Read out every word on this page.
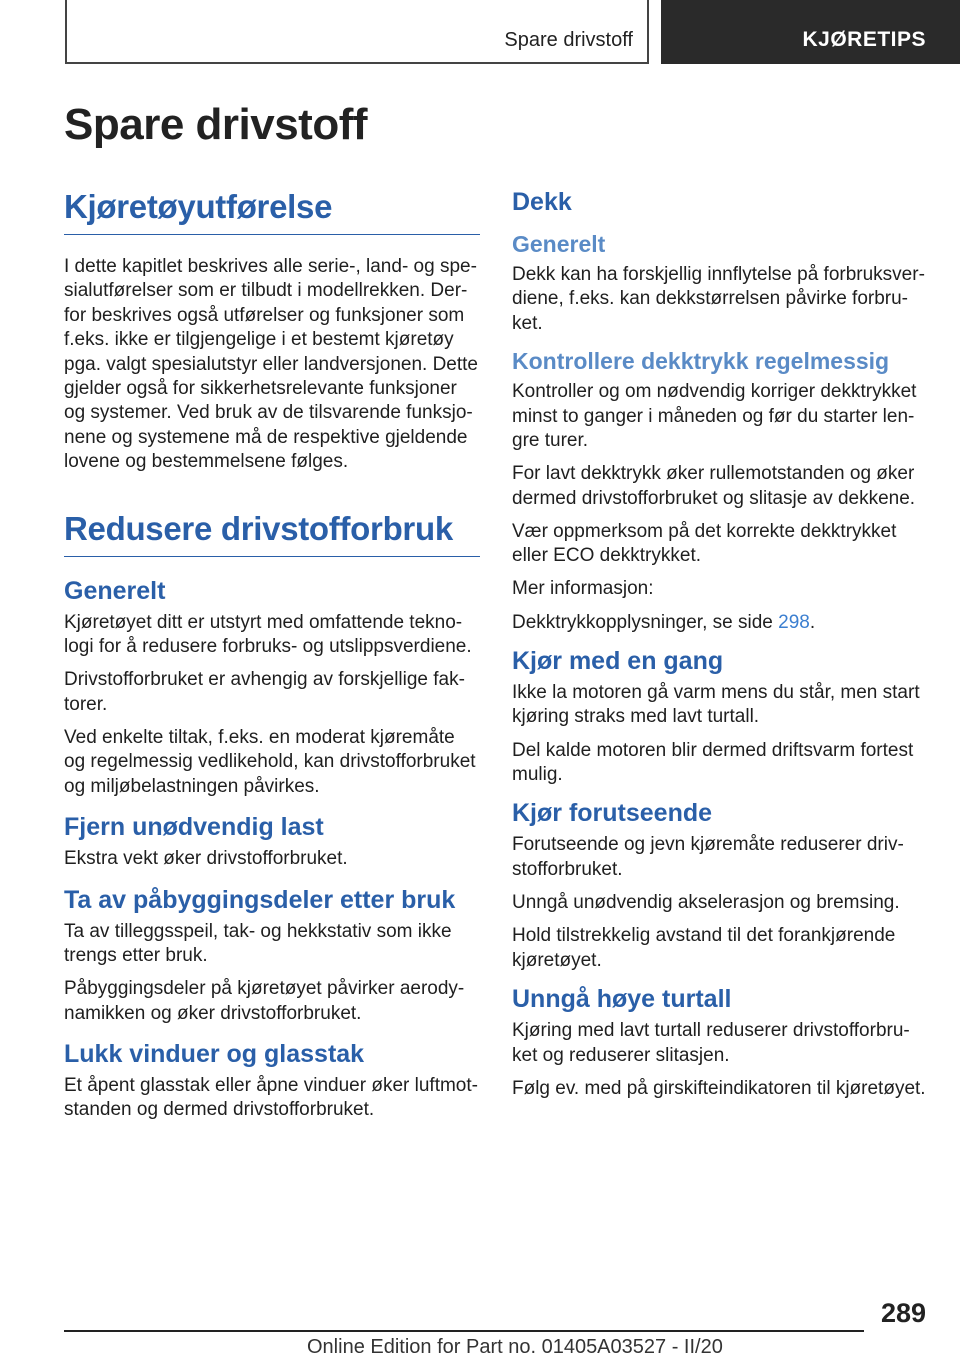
Spare drivstoff	KJØRETIPS
Spare drivstoff
Kjøretøyutførelse

I dette kapitlet beskrives alle serie-, land- og spe-sialutførelser som er tilbudt i modellrekken. Der-for beskrives også utførelser og funksjoner som f.eks. ikke er tilgjengelige i et bestemt kjøretøy pga. valgt spesialutstyr eller landversjonen. Dette gjelder også for sikkerhetsrelevante funksjoner og systemer. Ved bruk av de tilsvarende funksjo-nene og systemene må de respektive gjeldende lovene og bestemmelsene følges.

Redusere drivstofforbruk
Generelt

Kjøretøyet ditt er utstyrt med omfattende tekno-logi for å redusere forbruks- og utslippsverdiene.

Drivstofforbruket er avhengig av forskjellige fak-torer.

Ved enkelte tiltak, f.eks. en moderat kjøremåte og regelmessig vedlikehold, kan drivstofforbruket og miljøbelastningen påvirkes.

Fjern unødvendig last

Ekstra vekt øker drivstofforbruket.

Ta av påbyggingsdeler etter bruk

Ta av tilleggsspeil, tak- og hekkstativ som ikke trengs etter bruk.

Påbyggingsdeler på kjøretøyet påvirker aerody-namikken og øker drivstofforbruket.

Lukk vinduer og glasstak

Et åpent glasstak eller åpne vinduer øker luftmot-standen og dermed drivstofforbruket.

Dekk
Generelt

Dekk kan ha forskjellig innflytelse på forbruksver-diene, f.eks. kan dekkstørrelsen påvirke forbru-ket.

Kontrollere dekktrykk regelmessig

Kontroller og om nødvendig korriger dekktrykket minst to ganger i måneden og før du starter len-gre turer.

For lavt dekktrykk øker rullemotstanden og øker dermed drivstofforbruket og slitasje av dekkene.

Vær oppmerksom på det korrekte dekktrykket eller ECO dekktrykket.

Mer informasjon:

Dekktrykkopplysninger, se side 298.

Kjør med en gang

Ikke la motoren gå varm mens du står, men start kjøring straks med lavt turtall.

Del kalde motoren blir dermed driftsvarm fortest mulig.

Kjør forutseende

Forutseende og jevn kjøremåte reduserer driv-stofforbruket.

Unngå unødvendig akselerasjon og bremsing.

Hold tilstrekkelig avstand til det forankjørende kjøretøyet.

Unngå høye turtall

Kjøring med lavt turtall reduserer drivstofforbru-ket og reduserer slitasjen.

Følg ev. med på girskifteindikatoren til kjøretøyet.

289
Online Edition for Part no. 01405A03527 - II/20
